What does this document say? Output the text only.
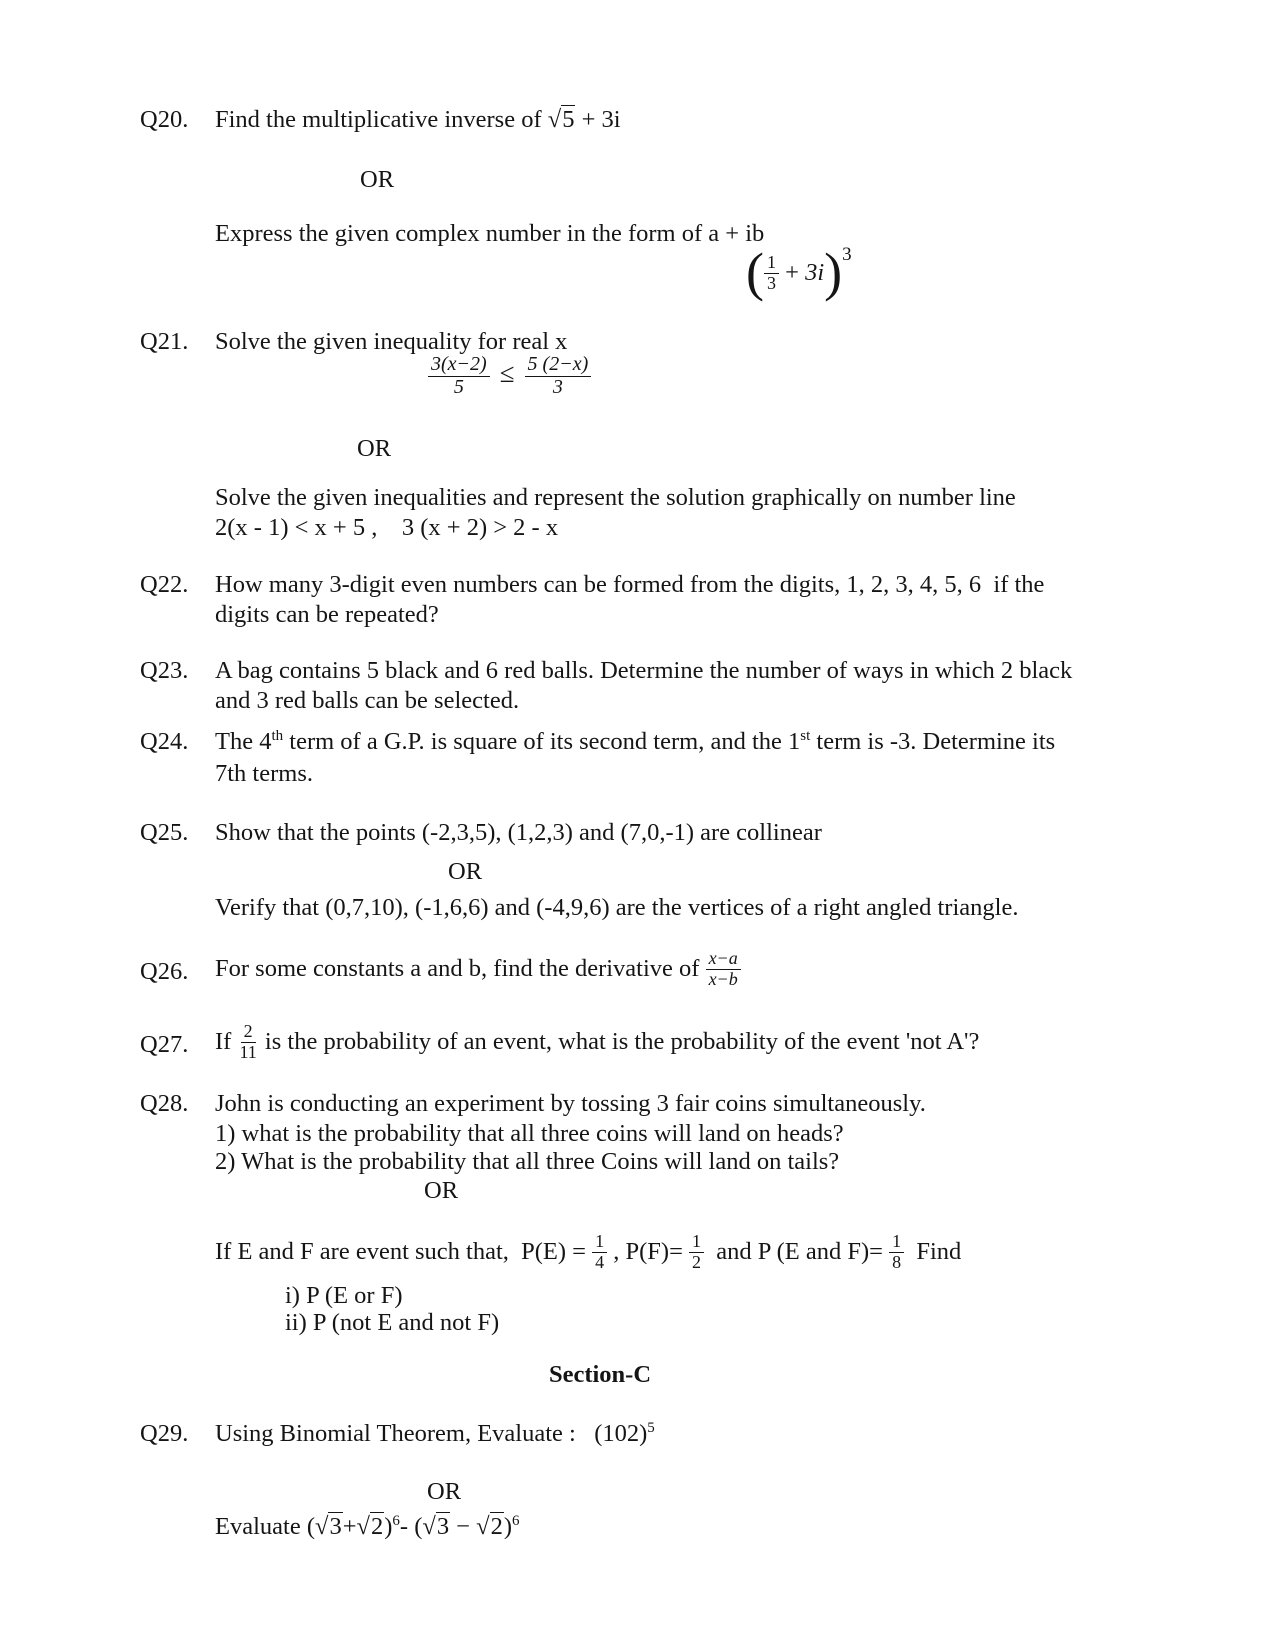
Q20. Find the multiplicative inverse of √5 + 3i
OR
Express the given complex number in the form of a + ib
( $\frac{1}{3} + 3i$ ) 3
Q21. Solve the given inequality for real x
$\frac{3(x-2)}{5} \le \frac{5 (2-x)}{3}$
OR
Solve the given inequalities and represent the solution graphically on number line
2(x - 1) < x + 5 ,    3 (x + 2) > 2 - x
Q22. How many 3-digit even numbers can be formed from the digits, 1, 2, 3, 4, 5, 6  if the
digits can be repeated?
Q23. A bag contains 5 black and 6 red balls. Determine the number of ways in which 2 black
and 3 red balls can be selected.
Q24. The 4th term of a G.P. is square of its second term, and the 1st term is -3. Determine its
7th terms.
Q25. Show that the points (-2,3,5), (1,2,3) and (7,0,-1) are collinear
OR
Verify that (0,7,10), (-1,6,6) and (-4,9,6) are the vertices of a right angled triangle.
Q26. For some constants a and b, find the derivative of $\frac{x-a}{x-b}$
Q27. If $\frac{2}{11}$ is the probability of an event, what is the probability of the event 'not A'?
Q28. John is conducting an experiment by tossing 3 fair coins simultaneously.
1) what is the probability that all three coins will land on heads?
2) What is the probability that all three Coins will land on tails?
OR
If E and F are event such that,  $P(E) = \frac{1}{4}$ , $P(F)= \frac{1}{2}$ and P (E and $F)= \frac{1}{8}$ Find
i) P (E or F)
ii) P (not E and not F)
Section-C
Q29. Using Binomial Theorem, Evaluate :   $(102)^5$
OR
Evaluate $(√3+√2)^6-$ $(√3 - √2)^6$
